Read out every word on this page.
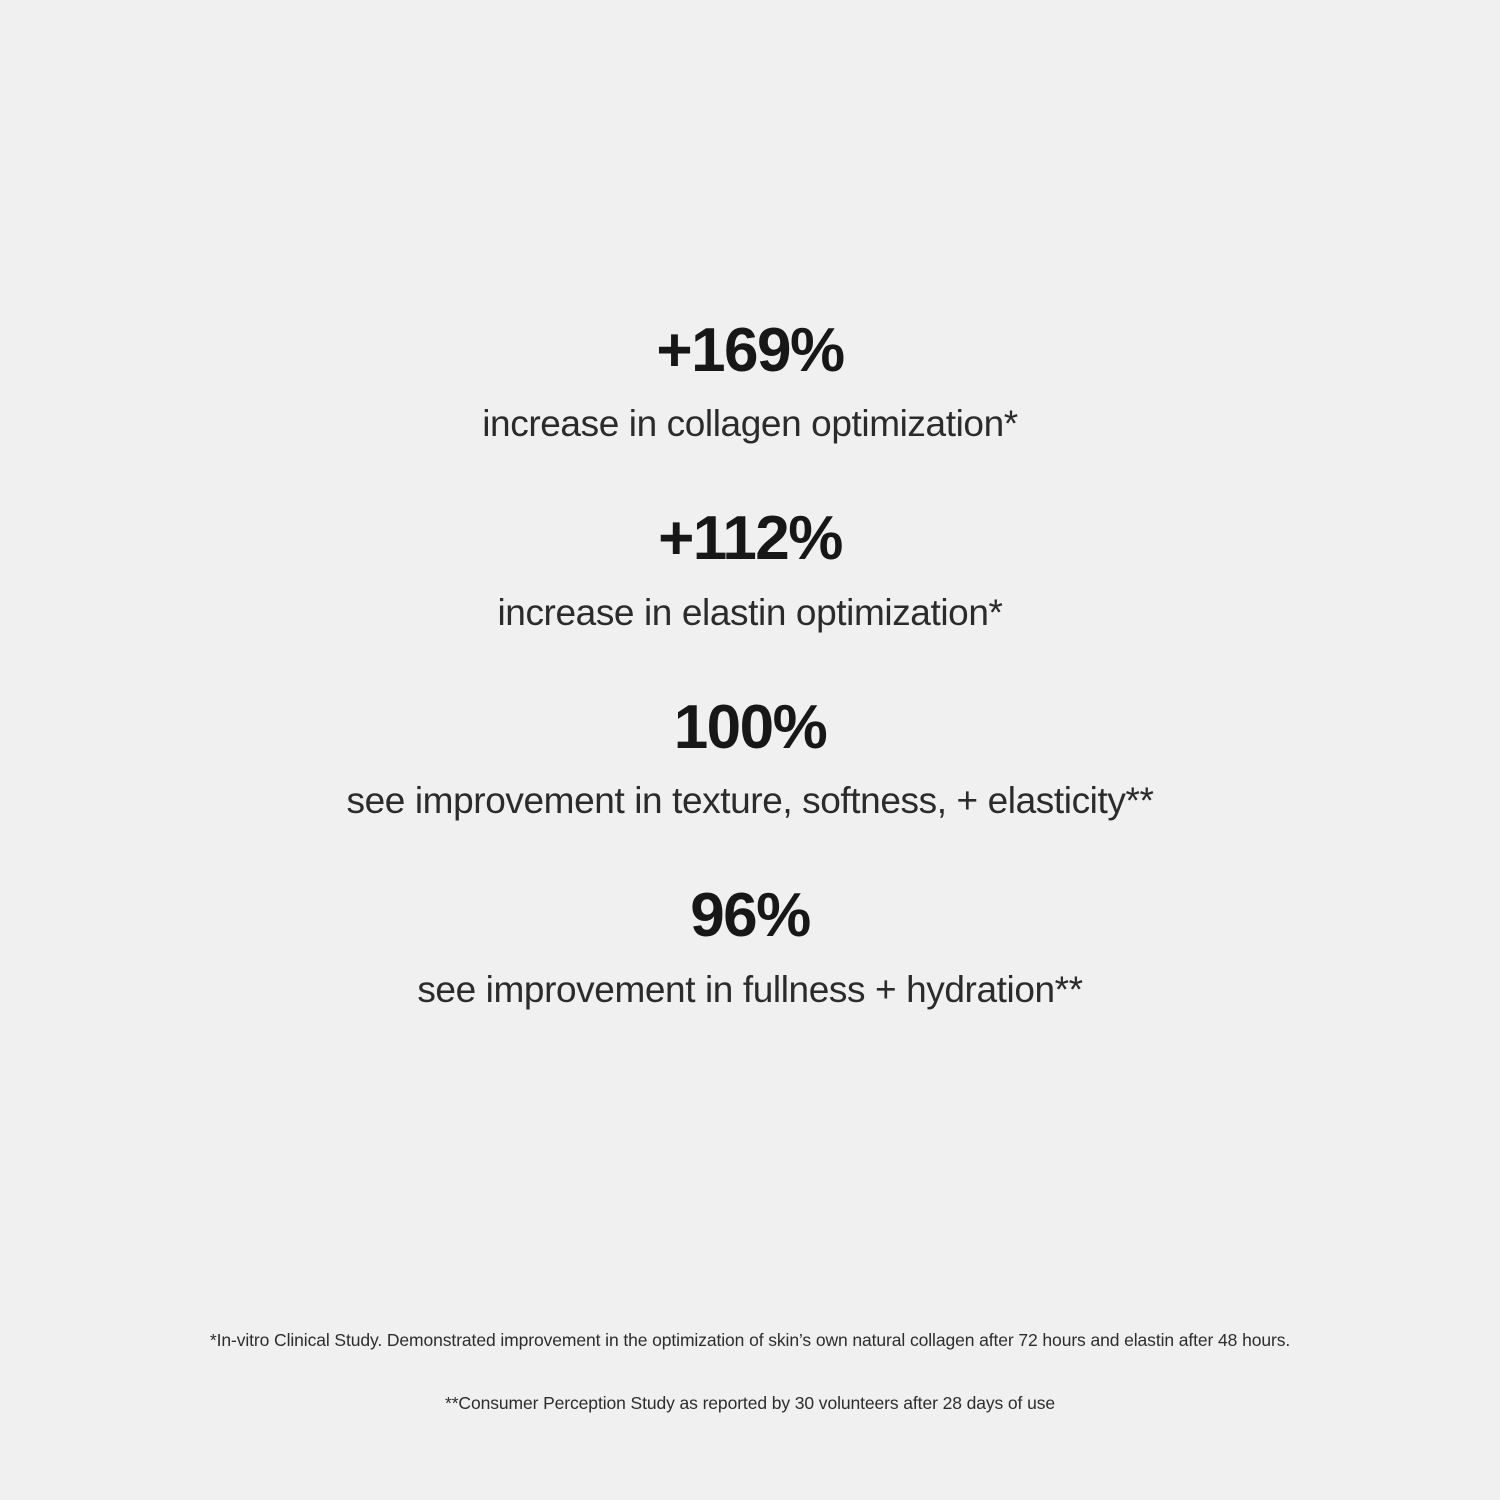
+169%
increase in collagen optimization*
+112%
increase in elastin optimization*
100%
see improvement in texture, softness, + elasticity**
96%
see improvement in fullness + hydration**
*In-vitro Clinical Study. Demonstrated improvement in the optimization of skin’s own natural collagen after 72 hours and elastin after 48 hours.
**Consumer Perception Study as reported by 30 volunteers after 28 days of use
